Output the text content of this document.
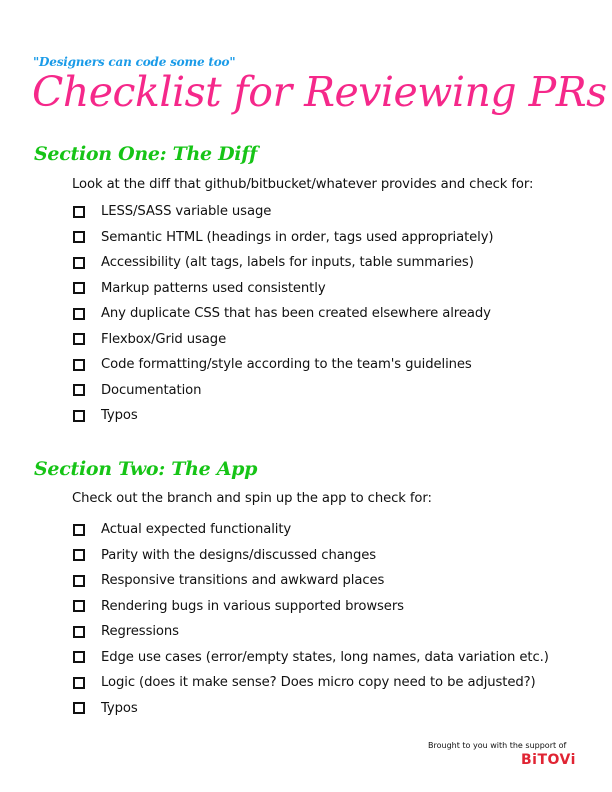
"Designers can code some too"
Checklist for Reviewing PRs
Section One: The Diff
Look at the diff that github/bitbucket/whatever provides and check for:
LESS/SASS variable usage
Semantic HTML (headings in order, tags used appropriately)
Accessibility (alt tags, labels for inputs, table summaries)
Markup patterns used consistently
Any duplicate CSS that has been created elsewhere already
Flexbox/Grid usage
Code formatting/style according to the team's guidelines
Documentation
Typos
Section Two: The App
Check out the branch and spin up the app to check for:
Actual expected functionality
Parity with the designs/discussed changes
Responsive transitions and awkward places
Rendering bugs in various supported browsers
Regressions
Edge use cases (error/empty states, long names, data variation etc.)
Logic (does it make sense? Does micro copy need to be adjusted?)
Typos
Brought to you with the support of
BiTOVi
